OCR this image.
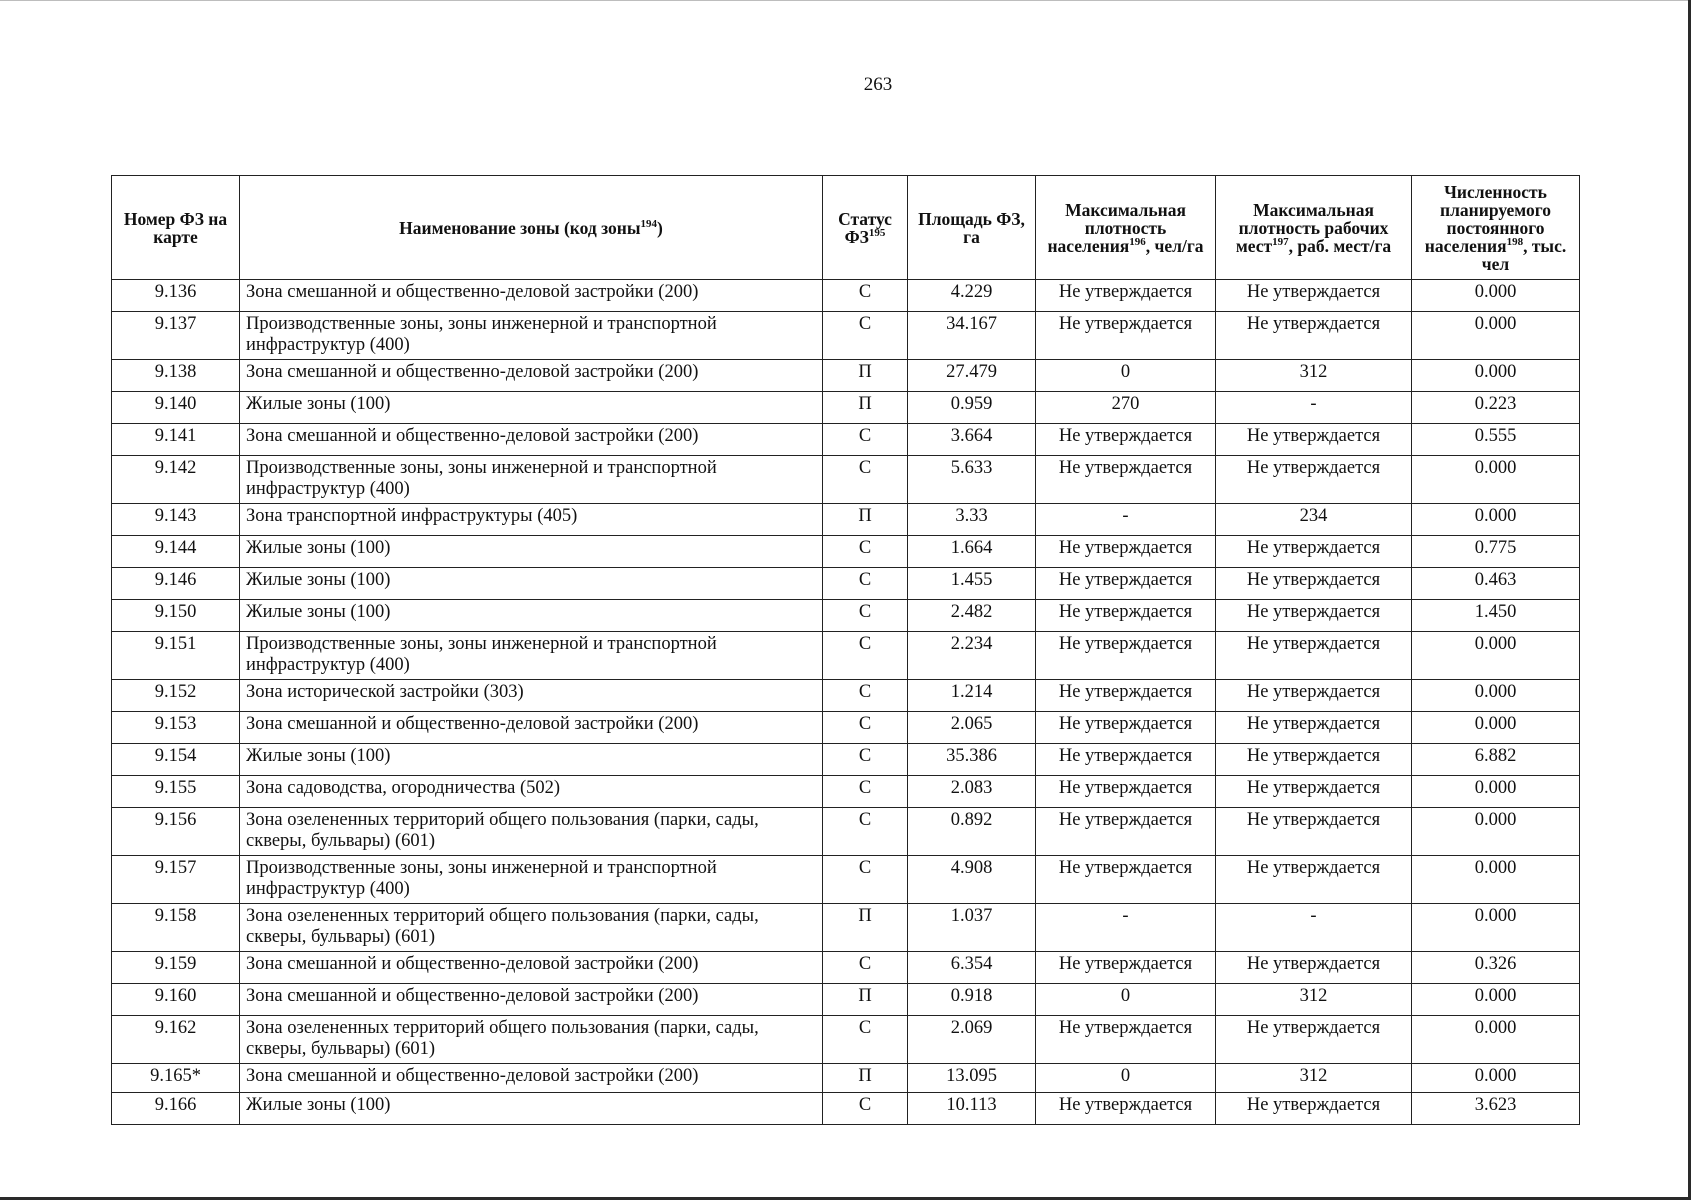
263
Номер ФЗ на карте	Наименование зоны (код зоны$^{194}$)	Статус ФЗ$^{195}$	Площадь ФЗ, га	Максимальная плотность населения$^{196}$, чел/га	Максимальная плотность рабочих мест$^{197}$, раб. мест/га	Численность планируемого постоянного населения$^{198}$, тыс. чел
9.136	Зона смешанной и общественно-деловой застройки (200)	С	4.229	Не утверждается	Не утверждается	0.000
9.137	Производственные зоны, зоны инженерной и транспортной инфраструктур (400)	С	34.167	Не утверждается	Не утверждается	0.000
9.138	Зона смешанной и общественно-деловой застройки (200)	П	27.479	0	312	0.000
9.140	Жилые зоны (100)	П	0.959	270	-	0.223
9.141	Зона смешанной и общественно-деловой застройки (200)	С	3.664	Не утверждается	Не утверждается	0.555
9.142	Производственные зоны, зоны инженерной и транспортной инфраструктур (400)	С	5.633	Не утверждается	Не утверждается	0.000
9.143	Зона транспортной инфраструктуры (405)	П	3.33	-	234	0.000
9.144	Жилые зоны (100)	С	1.664	Не утверждается	Не утверждается	0.775
9.146	Жилые зоны (100)	С	1.455	Не утверждается	Не утверждается	0.463
9.150	Жилые зоны (100)	С	2.482	Не утверждается	Не утверждается	1.450
9.151	Производственные зоны, зоны инженерной и транспортной инфраструктур (400)	С	2.234	Не утверждается	Не утверждается	0.000
9.152	Зона исторической застройки (303)	С	1.214	Не утверждается	Не утверждается	0.000
9.153	Зона смешанной и общественно-деловой застройки (200)	С	2.065	Не утверждается	Не утверждается	0.000
9.154	Жилые зоны (100)	С	35.386	Не утверждается	Не утверждается	6.882
9.155	Зона садоводства, огородничества (502)	С	2.083	Не утверждается	Не утверждается	0.000
9.156	Зона озелененных территорий общего пользования (парки, сады, скверы, бульвары) (601)	С	0.892	Не утверждается	Не утверждается	0.000
9.157	Производственные зоны, зоны инженерной и транспортной инфраструктур (400)	С	4.908	Не утверждается	Не утверждается	0.000
9.158	Зона озелененных территорий общего пользования (парки, сады, скверы, бульвары) (601)	П	1.037	-	-	0.000
9.159	Зона смешанной и общественно-деловой застройки (200)	С	6.354	Не утверждается	Не утверждается	0.326
9.160	Зона смешанной и общественно-деловой застройки (200)	П	0.918	0	312	0.000
9.162	Зона озелененных территорий общего пользования (парки, сады, скверы, бульвары) (601)	С	2.069	Не утверждается	Не утверждается	0.000
9.165*	Зона смешанной и общественно-деловой застройки (200)	П	13.095	0	312	0.000
9.166	Жилые зоны (100)	С	10.113	Не утверждается	Не утверждается	3.623
